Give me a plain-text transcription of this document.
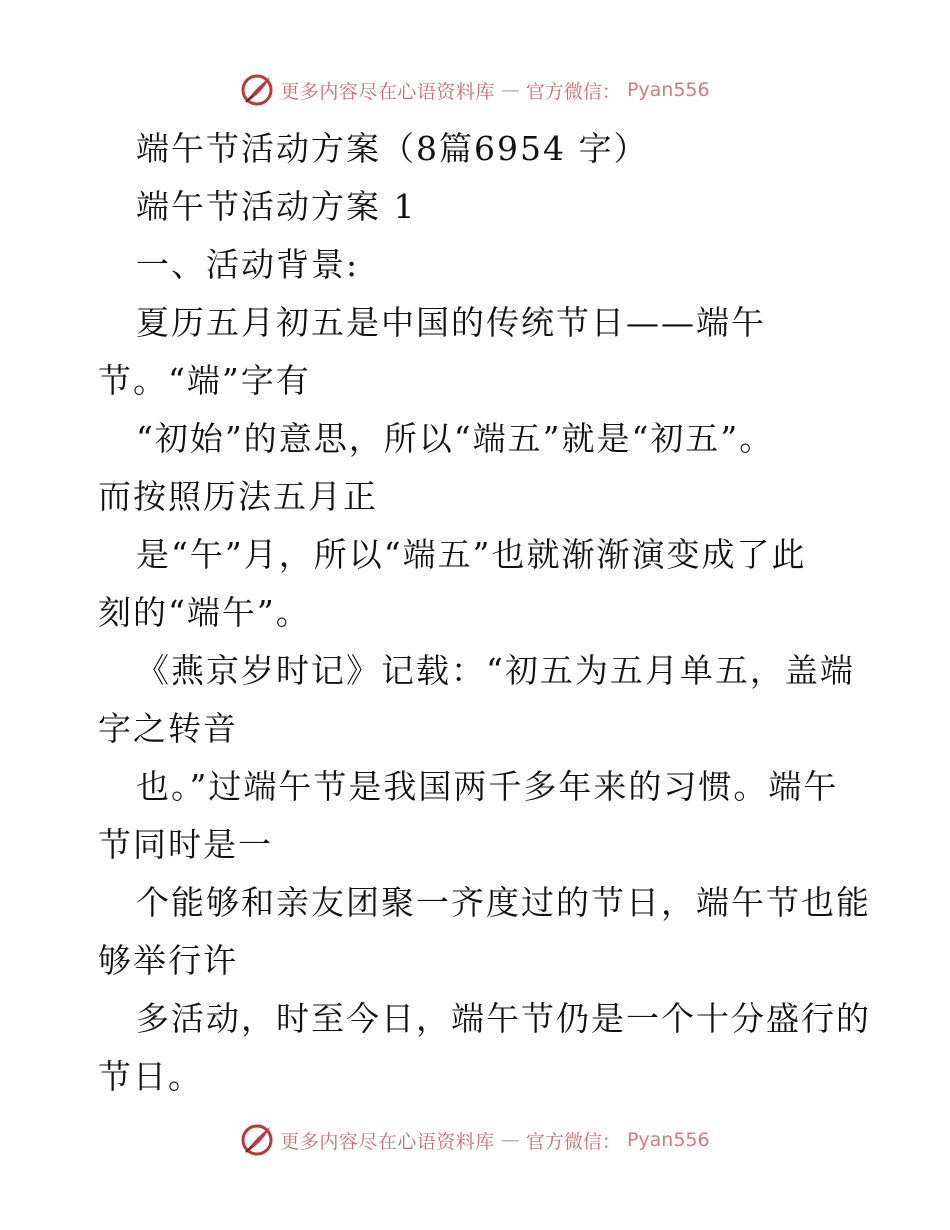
更多内容尽在心语资料库 — 官方微信： Pyan556
端午节活动方案（8篇6954 字）
端午节活动方案 1
一、活动背景:
夏历五月初五是中国的传统节日——端午
节。“端”字有
“初始”的意思，所以“端五”就是“初五”。
而按照历法五月正
是“午”月，所以“端五”也就渐渐演变成了此
刻的“端午”。
《燕京岁时记》记载：“初五为五月单五，盖端
字之转音
也。”过端午节是我国两千多年来的习惯。端午
节同时是一
个能够和亲友团聚一齐度过的节日，端午节也能
够举行许
多活动，时至今日，端午节仍是一个十分盛行的
节日。
更多内容尽在心语资料库 — 官方微信： Pyan556
